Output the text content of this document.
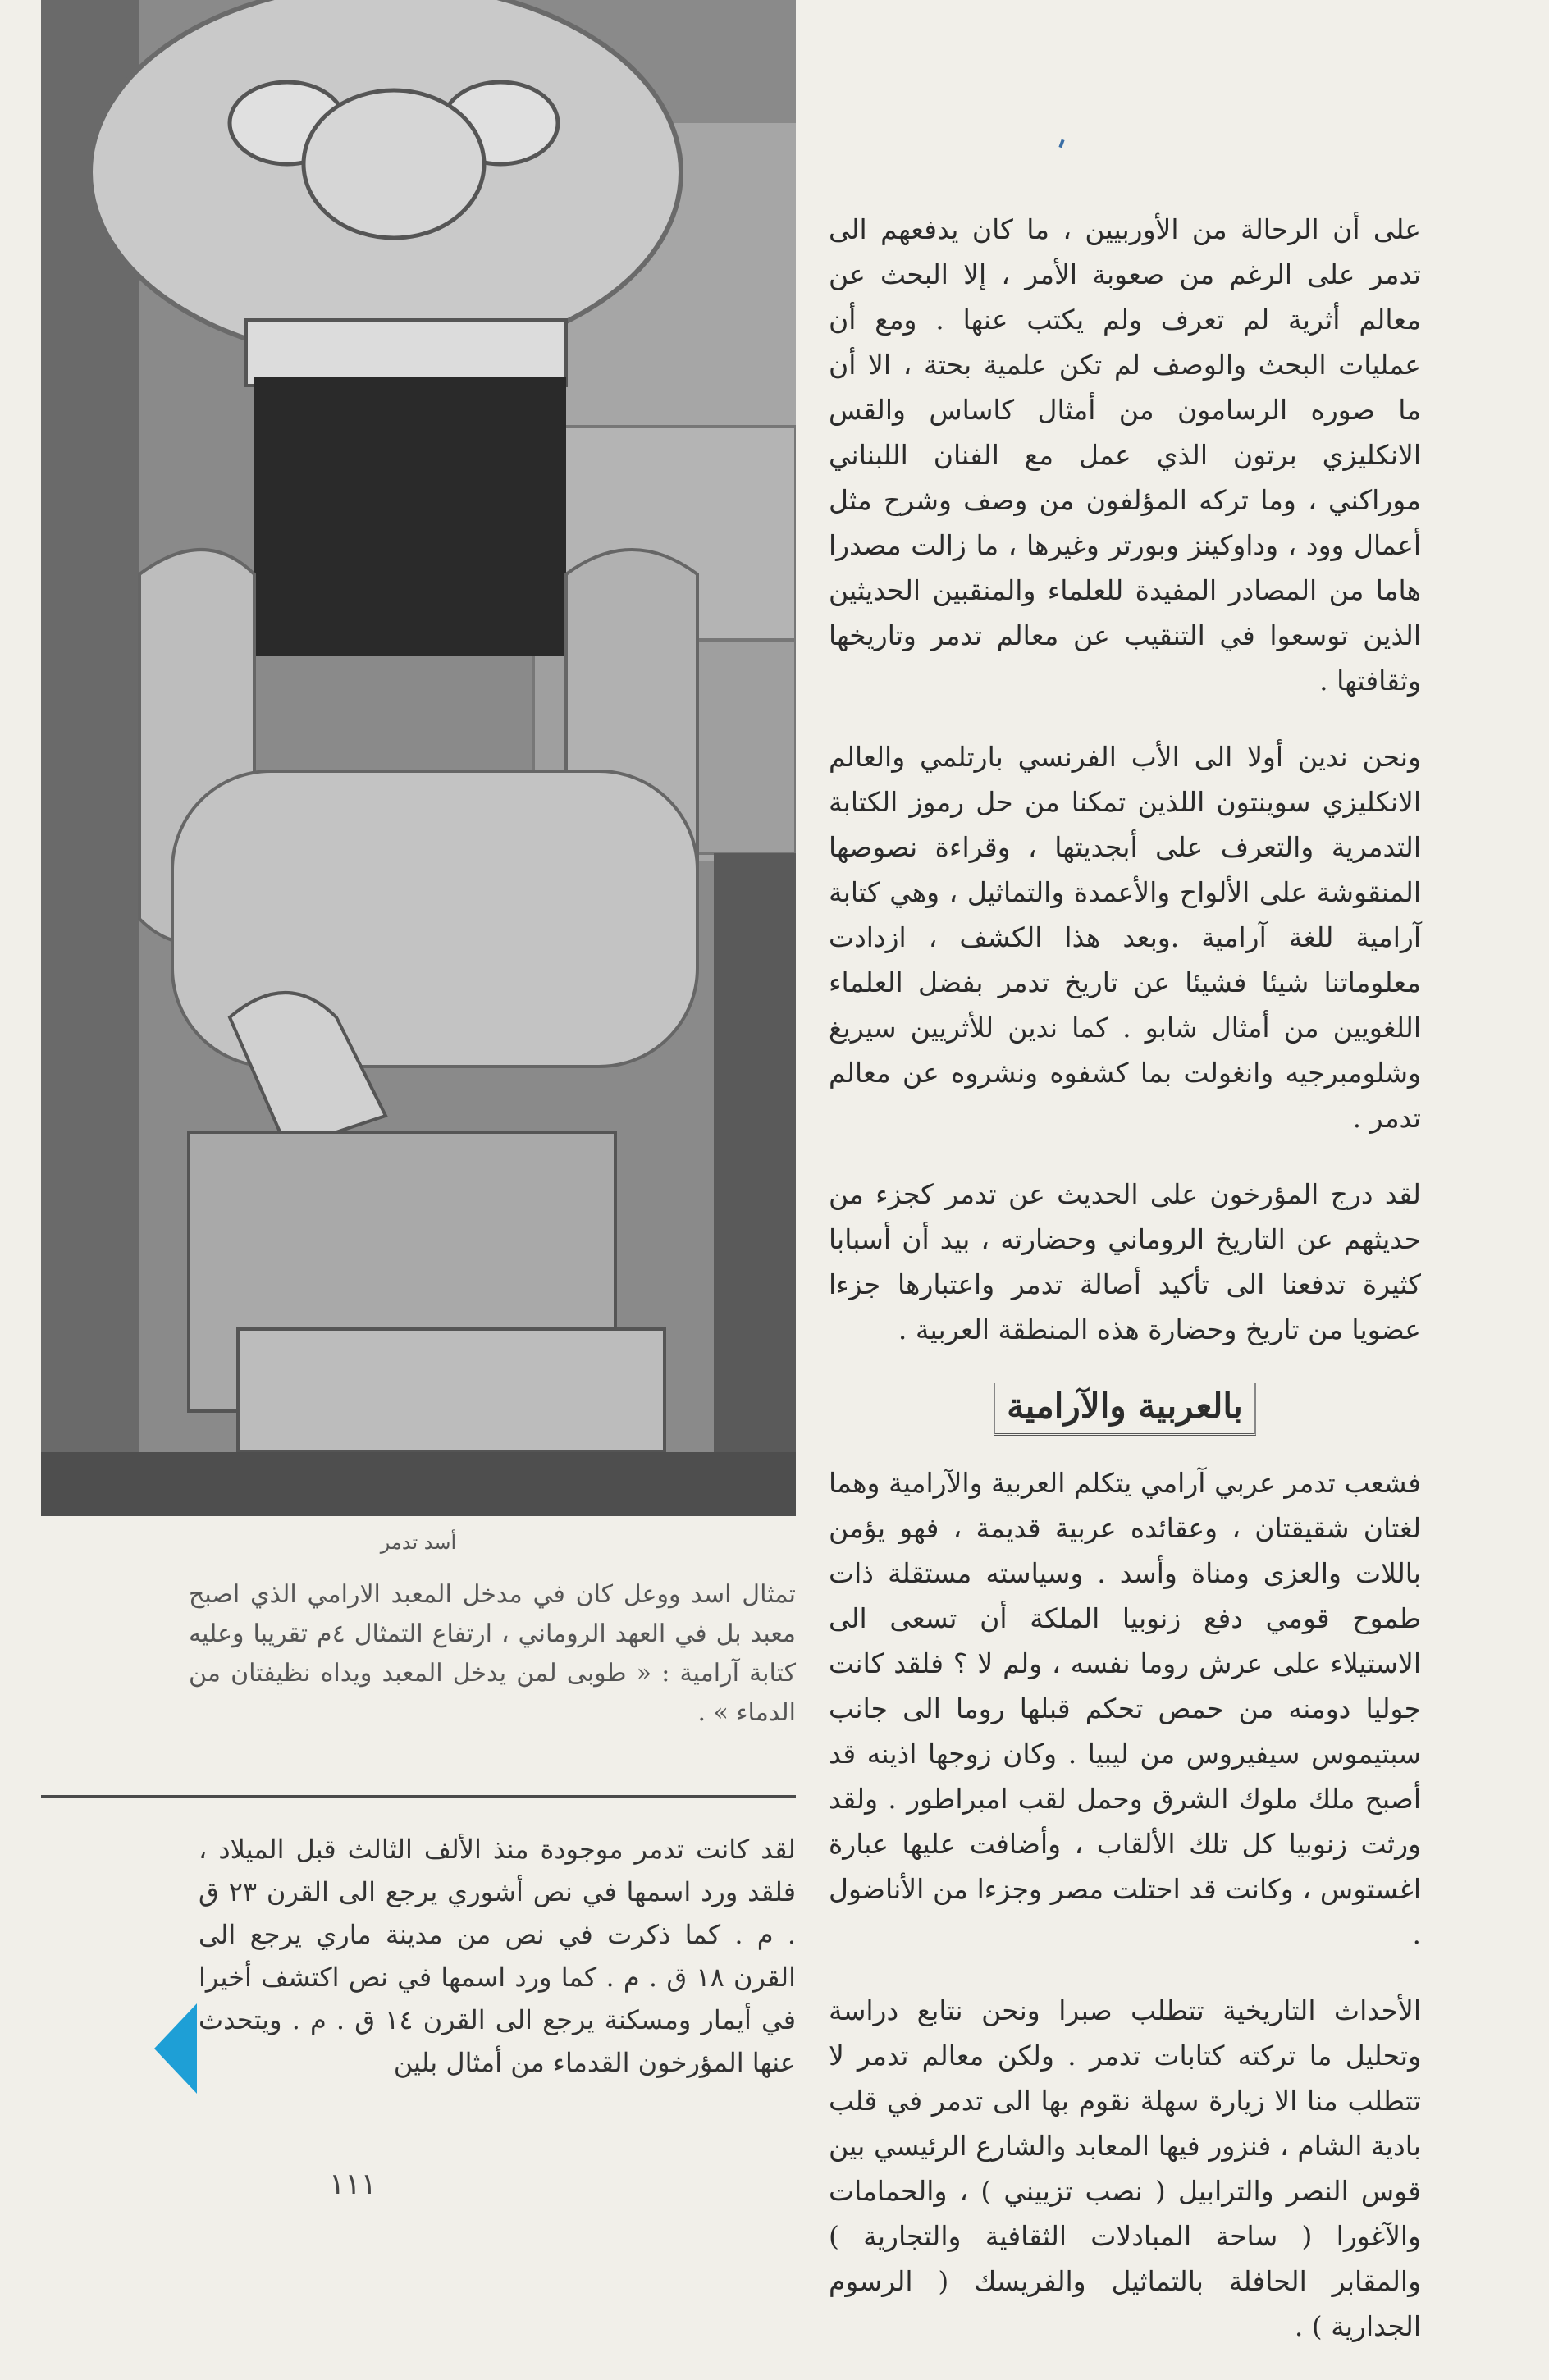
أسد تدمر

تمثال اسد ووعل كان في مدخل المعبد الارامي الذي اصبح معبد بل في العهد الروماني ، ارتفاع التمثال ٤م تقريبا وعليه كتابة آرامية : « طوبى لمن يدخل المعبد ويداه نظيفتان من الدماء » .

لقد كانت تدمر موجودة منذ الألف الثالث قبل الميلاد ، فلقد ورد اسمها في نص أشوري يرجع الى القرن ٢٣ ق . م . كما ذكرت في نص من مدينة ماري يرجع الى القرن ١٨ ق . م . كما ورد اسمها في نص اكتشف أخيرا في أيمار ومسكنة يرجع الى القرن ١٤ ق . م . ويتحدث عنها المؤرخون القدماء من أمثال بلين

على أن الرحالة من الأوربيين ، ما كان يدفعهم الى تدمر على الرغم من صعوبة الأمر ، إلا البحث عن معالم أثرية لم تعرف ولم يكتب عنها . ومع أن عمليات البحث والوصف لم تكن علمية بحتة ، الا أن ما صوره الرسامون من أمثال كاساس والقس الانكليزي برتون الذي عمل مع الفنان اللبناني موراكني ، وما تركه المؤلفون من وصف وشرح مثل أعمال وود ، وداوكينز وبورتر وغيرها ، ما زالت مصدرا هاما من المصادر المفيدة للعلماء والمنقبين الحديثين الذين توسعوا في التنقيب عن معالم تدمر وتاريخها وثقافتها .

ونحن ندين أولا الى الأب الفرنسي بارتلمي والعالم الانكليزي سوينتون اللذين تمكنا من حل رموز الكتابة التدمرية والتعرف على أبجديتها ، وقراءة نصوصها المنقوشة على الألواح والأعمدة والتماثيل ، وهي كتابة آرامية للغة آرامية .وبعد هذا الكشف ، ازدادت معلوماتنا شيئا فشيئا عن تاريخ تدمر بفضل العلماء اللغويين من أمثال شابو . كما ندين للأثريين سيريغ وشلومبرجيه وانغولت بما كشفوه ونشروه عن معالم تدمر .

لقد درج المؤرخون على الحديث عن تدمر كجزء من حديثهم عن التاريخ الروماني وحضارته ، بيد أن أسبابا كثيرة تدفعنا الى تأكيد أصالة تدمر واعتبارها جزءا عضويا من تاريخ وحضارة هذه المنطقة العربية .

بالعربية والآرامية

فشعب تدمر عربي آرامي يتكلم العربية والآرامية وهما لغتان شقيقتان ، وعقائده عربية قديمة ، فهو يؤمن باللات والعزى ومناة وأسد . وسياسته مستقلة ذات طموح قومي دفع زنوبيا الملكة أن تسعى الى الاستيلاء على عرش روما نفسه ، ولم لا ؟ فلقد كانت جوليا دومنه من حمص تحكم قبلها روما الى جانب سبتيموس سيفيروس من ليبيا . وكان زوجها اذينه قد أصبح ملك ملوك الشرق وحمل لقب امبراطور . ولقد ورثت زنوبيا كل تلك الألقاب ، وأضافت عليها عبارة اغستوس ، وكانت قد احتلت مصر وجزءا من الأناضول .

الأحداث التاريخية تتطلب صبرا ونحن نتابع دراسة وتحليل ما تركته كتابات تدمر . ولكن معالم تدمر لا تتطلب منا الا زيارة سهلة نقوم بها الى تدمر في قلب بادية الشام ، فنزور فيها المعابد والشارع الرئيسي بين قوس النصر والترابيل ( نصب تزييني ) ، والحمامات والآغورا ( ساحة المبادلات الثقافية والتجارية ) والمقابر الحافلة بالتماثيل والفريسك ( الرسوم الجدارية ) .

١١١
